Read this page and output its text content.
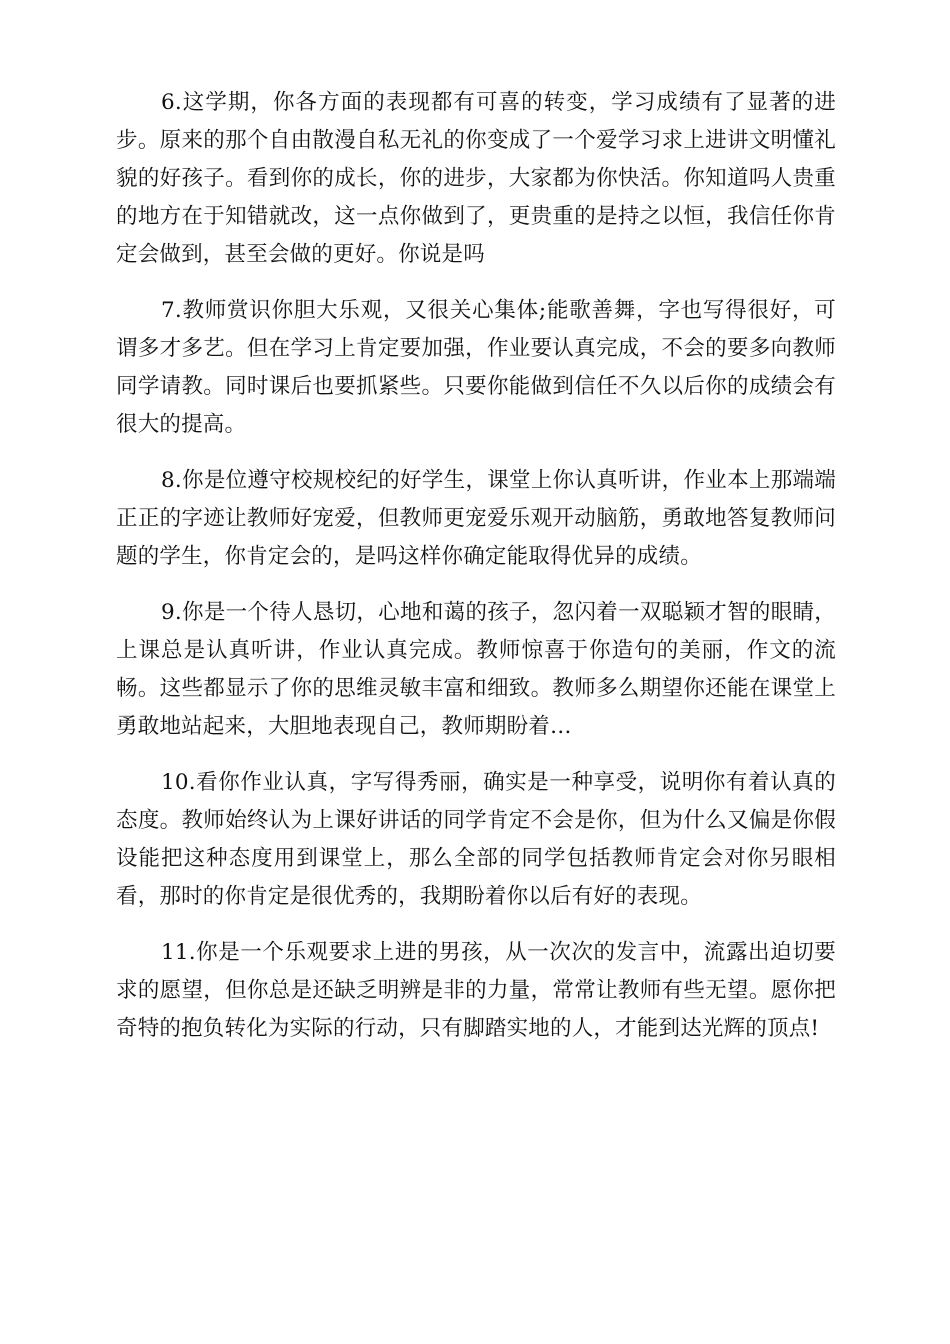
6.这学期，你各方面的表现都有可喜的转变，学习成绩有了显著的进步。原来的那个自由散漫自私无礼的你变成了一个爱学习求上进讲文明懂礼貌的好孩子。看到你的成长，你的进步，大家都为你快活。你知道吗人贵重的地方在于知错就改，这一点你做到了，更贵重的是持之以恒，我信任你肯定会做到，甚至会做的更好。你说是吗

7.教师赏识你胆大乐观，又很关心集体;能歌善舞，字也写得很好，可谓多才多艺。但在学习上肯定要加强，作业要认真完成，不会的要多向教师同学请教。同时课后也要抓紧些。只要你能做到信任不久以后你的成绩会有很大的提高。

8.你是位遵守校规校纪的好学生，课堂上你认真听讲，作业本上那端端正正的字迹让教师好宠爱，但教师更宠爱乐观开动脑筋，勇敢地答复教师问题的学生，你肯定会的，是吗这样你确定能取得优异的成绩。

9.你是一个待人恳切，心地和蔼的孩子，忽闪着一双聪颖才智的眼睛，上课总是认真听讲，作业认真完成。教师惊喜于你造句的美丽，作文的流畅。这些都显示了你的思维灵敏丰富和细致。教师多么期望你还能在课堂上勇敢地站起来，大胆地表现自己，教师期盼着…

10.看你作业认真，字写得秀丽，确实是一种享受，说明你有着认真的态度。教师始终认为上课好讲话的同学肯定不会是你，但为什么又偏是你假设能把这种态度用到课堂上，那么全部的同学包括教师肯定会对你另眼相看，那时的你肯定是很优秀的，我期盼着你以后有好的表现。

11.你是一个乐观要求上进的男孩，从一次次的发言中，流露出迫切要求的愿望，但你总是还缺乏明辨是非的力量，常常让教师有些无望。愿你把奇特的抱负转化为实际的行动，只有脚踏实地的人，才能到达光辉的顶点!
